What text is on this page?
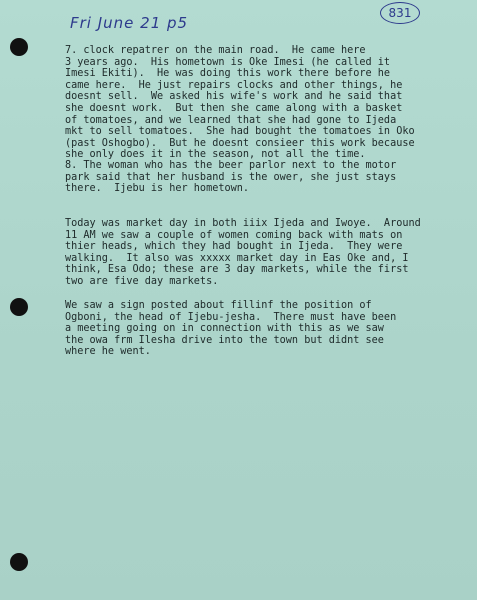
Fri June 21 p5
831
7. clock repatrer on the main road.  He came here
3 years ago.  His hometown is Oke Imesi (he called it
Imesi Ekiti).  He was doing this work there before he
came here.  He just repairs clocks and other things, he
doesnt sell.  We asked his wife's work and he said that
she doesnt work.  But then she came along with a basket
of tomatoes, and we learned that she had gone to Ijeda
mkt to sell tomatoes.  She had bought the tomatoes in Oko
(past Oshogbo).  But he doesnt consieer this work because
she only does it in the season, not all the time.
8. The woman who has the beer parlor next to the motor
park said that her husband is the ower, she just stays
there.  Ijebu is her hometown.
Today was market day in both iiix Ijeda and Iwoye.  Around
11 AM we saw a couple of women coming back with mats on
thier heads, which they had bought in Ijeda.  They were
walking.  It also was xxxxx market day in Eas Oke and, I
think, Esa Odo; these are 3 day markets, while the first
two are five day markets.
We saw a sign posted about fillinf the position of
Ogboni, the head of Ijebu-jesha.  There must have been
a meeting going on in connection with this as we saw
the owa frm Ilesha drive into the town but didnt see
where he went.
